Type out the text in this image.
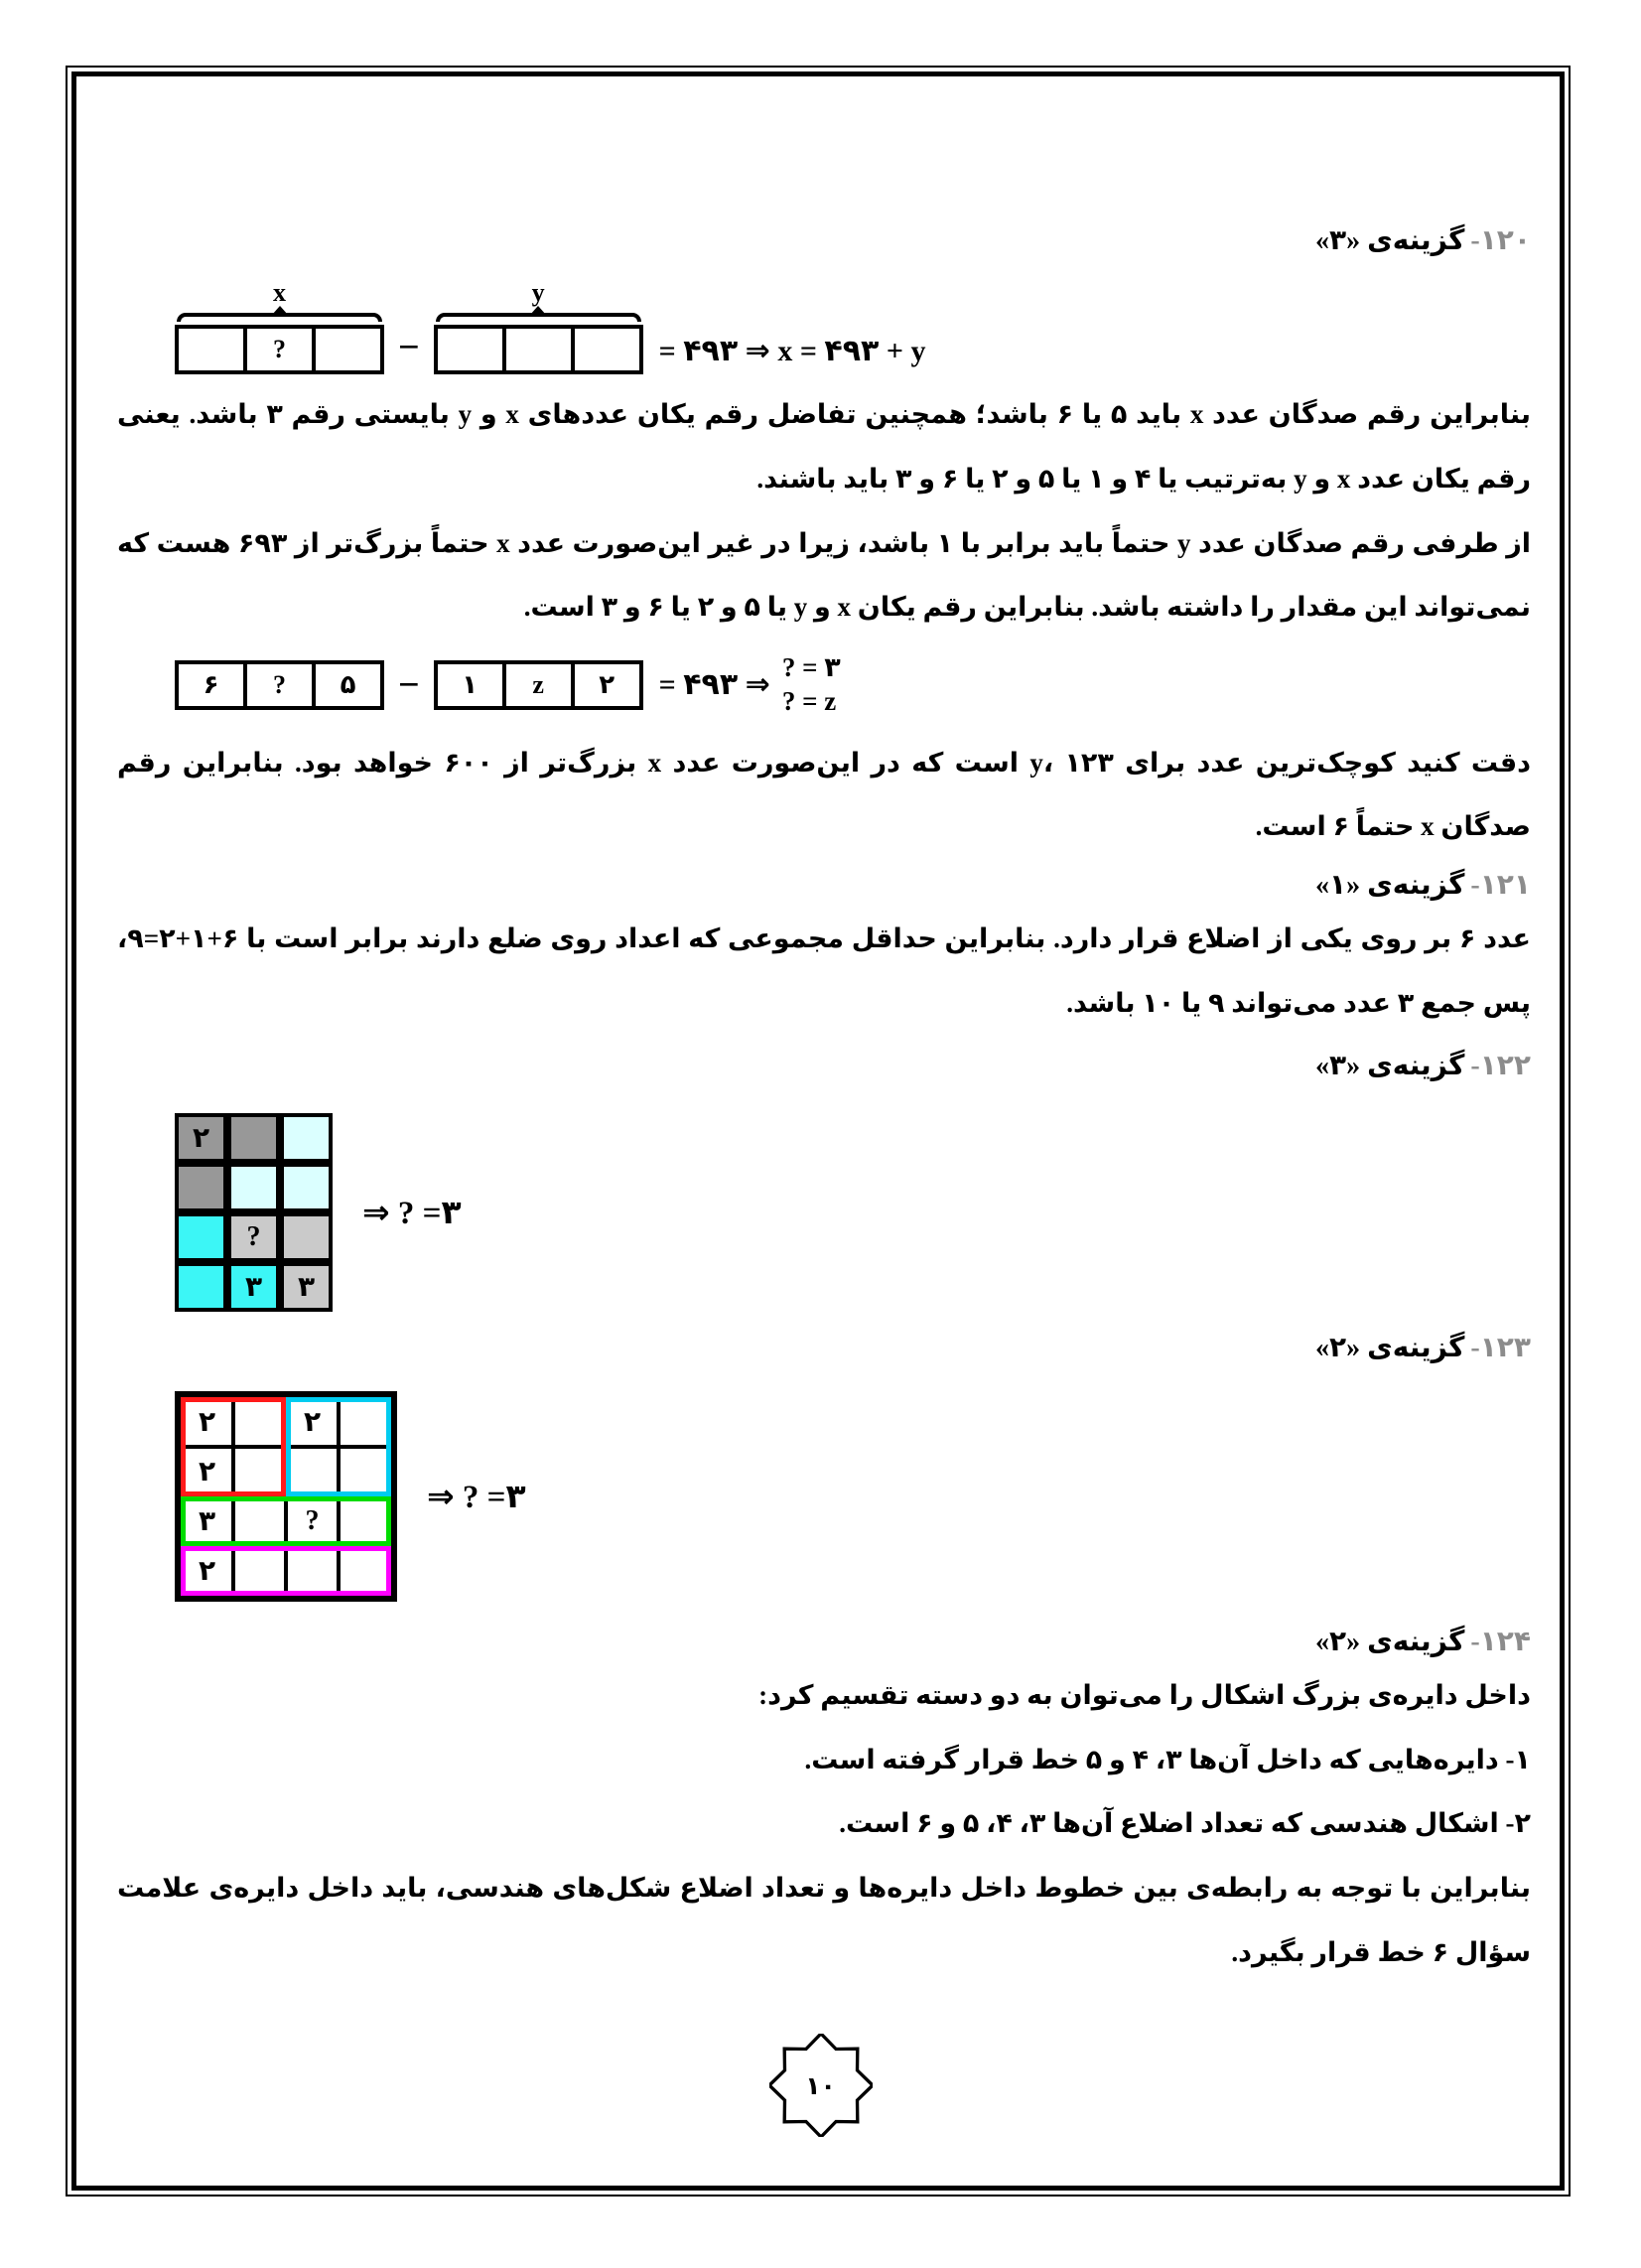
۱۲۰-گزینه‌ی «۳»
x
?	−
y
= ۴۹۳ ⇒ x = ۴۹۳ + y

بنابراین رقم صدگان عدد x باید ۵ یا ۶ باشد؛ همچنین تفاضل رقم یکان عددهای x و y بایستی رقم ۳ باشد. یعنی رقم یکان عدد x و y به‌ترتیب یا ۴ و ۱ یا ۵ و ۲ یا ۶ و ۳ باید باشند.

از طرفی رقم صدگان عدد y حتماً باید برابر با ۱ باشد، زیرا در غیر این‌صورت عدد x حتماً بزرگ‌تر از ۶۹۳ هست که نمی‌تواند این مقدار را داشته باشد. بنابراین رقم یکان x و y یا ۵ و ۲ یا ۶ و ۳ است.

۶	?	۵	−	۱	z	۲	= ۴۹۳ ⇒
? = ۳
? = z

دقت کنید کوچک‌ترین عدد برای y، ۱۲۳ است که در این‌صورت عدد x بزرگ‌تر از ۶۰۰ خواهد بود. بنابراین رقم صدگان x حتماً ۶ است.

۱۲۱-گزینه‌ی «۱»

عدد ۶ بر روی یکی از اضلاع قرار دارد. بنابراین حداقل مجموعی که اعداد روی ضلع دارند برابر است با ۶+۱+۲=۹، پس جمع ۳ عدد می‌تواند ۹ یا ۱۰ باشد.

۱۲۲-گزینه‌ی «۳»
۲
?
۳	۳
⇒ ? =۳
۱۲۳-گزینه‌ی «۲»
۲	۲
۲
۳	?
۲
⇒ ? =۳
۱۲۴-گزینه‌ی «۲»

داخل دایره‌ی بزرگ اشکال را می‌توان به دو دسته تقسیم کرد:

۱- دایره‌هایی که داخل آن‌ها ۳، ۴ و ۵ خط قرار گرفته است.

۲- اشکال هندسی که تعداد اضلاع آن‌ها ۳، ۴، ۵ و ۶ است.

بنابراین با توجه به رابطه‌ی بین خطوط داخل دایره‌ها و تعداد اضلاع شکل‌های هندسی، باید داخل دایره‌ی علامت سؤال ۶ خط قرار بگیرد.

۱۰
